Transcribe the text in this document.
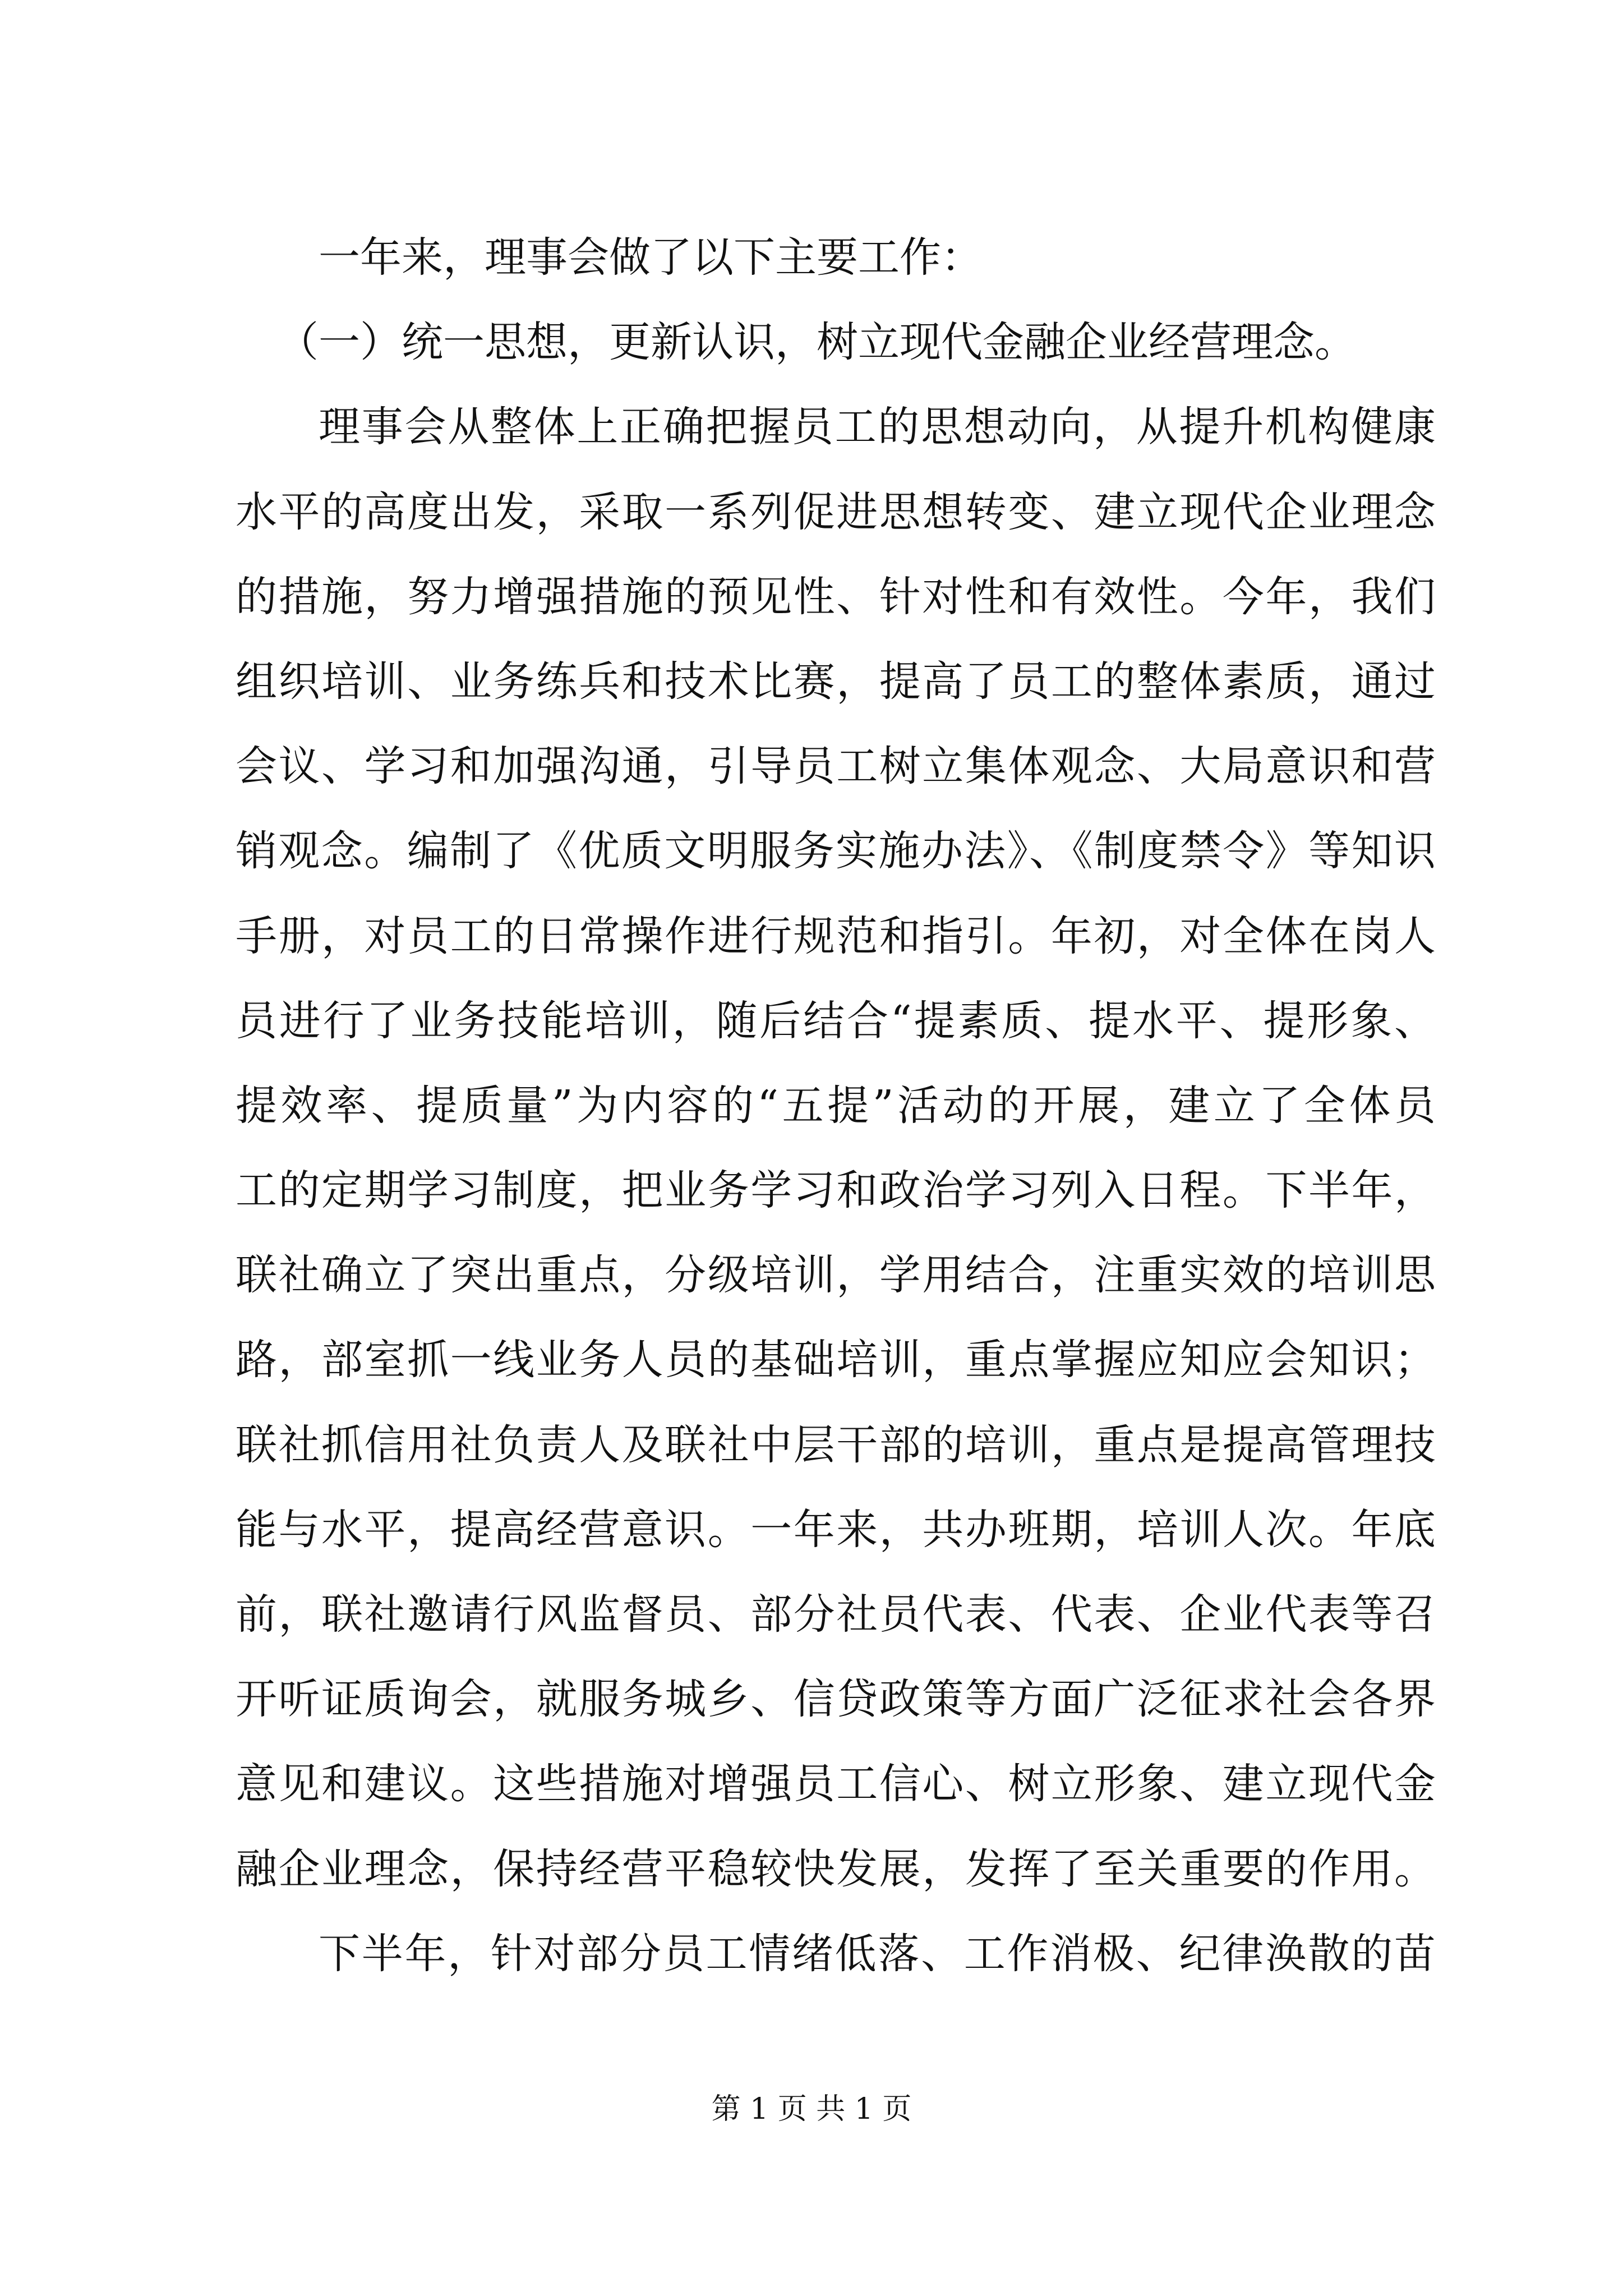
一年来，理事会做了以下主要工作：
（一）统一思想，更新认识，树立现代金融企业经营理念。
理事会从整体上正确把握员工的思想动向，从提升机构健康
水平的高度出发，采取一系列促进思想转变、建立现代企业理念
的措施，努力增强措施的预见性、针对性和有效性。今年，我们
组织培训、业务练兵和技术比赛，提高了员工的整体素质，通过
会议、学习和加强沟通，引导员工树立集体观念、大局意识和营
销观念。编制了《优质文明服务实施办法》、《制度禁令》等知识
手册，对员工的日常操作进行规范和指引。年初，对全体在岗人
员进行了业务技能培训，随后结合“提素质、提水平、提形象、
提效率、提质量”为内容的“五提”活动的开展，建立了全体员
工的定期学习制度，把业务学习和政治学习列入日程。下半年，
联社确立了突出重点，分级培训，学用结合，注重实效的培训思
路，部室抓一线业务人员的基础培训，重点掌握应知应会知识；
联社抓信用社负责人及联社中层干部的培训，重点是提高管理技
能与水平，提高经营意识。一年来，共办班期，培训人次。年底
前，联社邀请行风监督员、部分社员代表、代表、企业代表等召
开听证质询会，就服务城乡、信贷政策等方面广泛征求社会各界
意见和建议。这些措施对增强员工信心、树立形象、建立现代金
融企业理念，保持经营平稳较快发展，发挥了至关重要的作用。
下半年，针对部分员工情绪低落、工作消极、纪律涣散的苗
第 1 页 共 1 页
